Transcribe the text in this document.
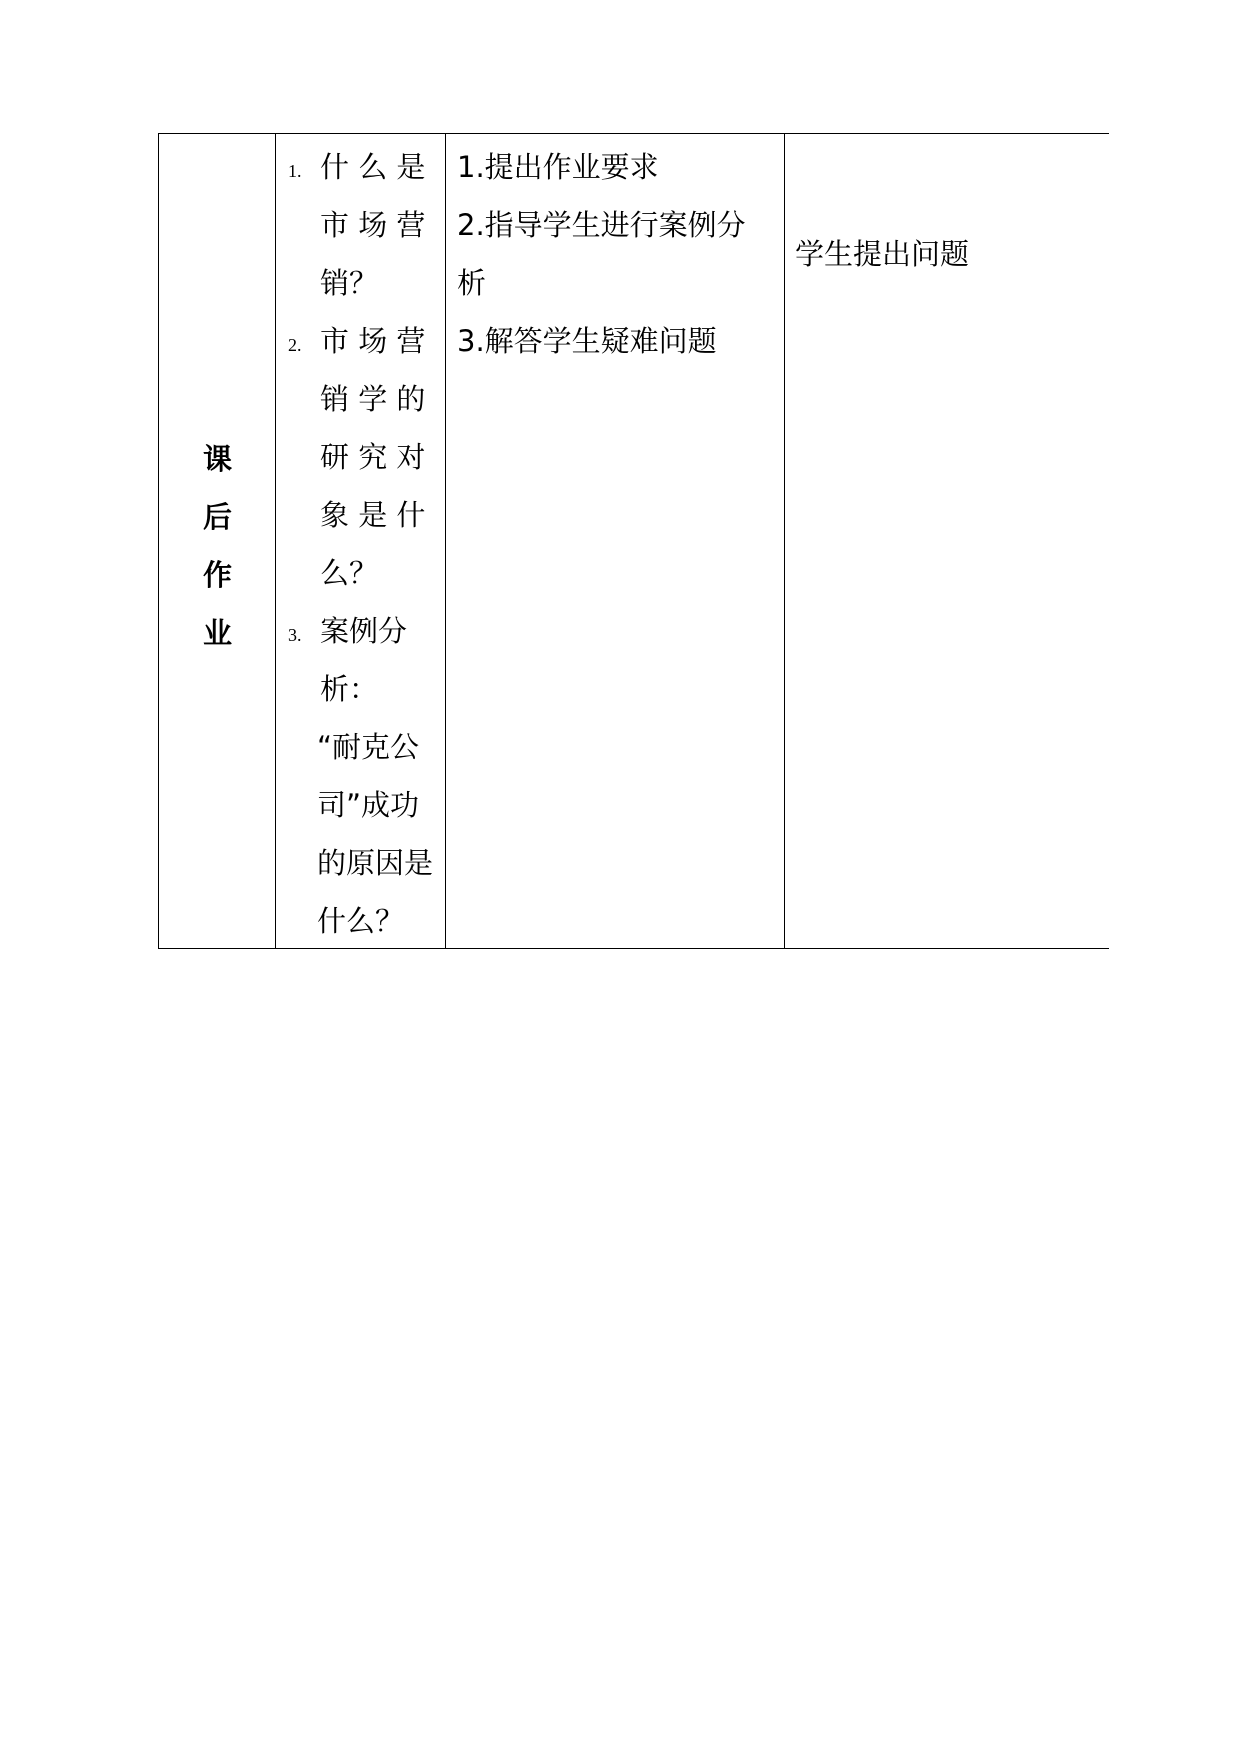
课
后
作
业
1.
2.
3.
什 么 是
市 场 营
销？
市 场 营
销 学 的
研 究 对
象 是 什
么？
案例分
析：
“耐克公
司”成功
的原因是
什么？
1.提出作业要求
2.指导学生进行案例分
析
3.解答学生疑难问题
学生提出问题
